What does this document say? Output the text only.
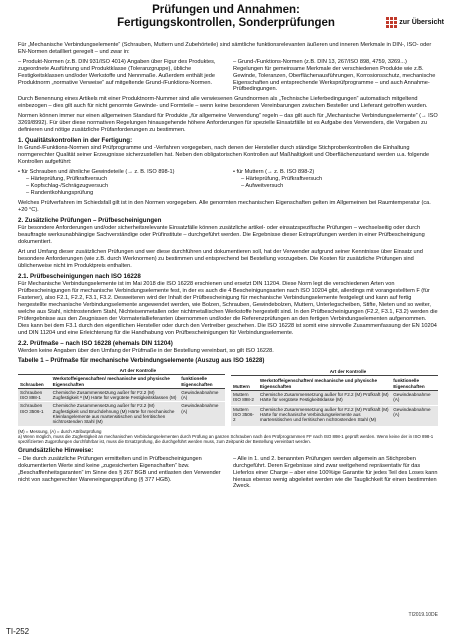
Prüfungen und Annahmen:
Fertigungskontrollen, Sonderprüfungen	zur Übersicht

Für „Mechanische Verbindungselemente“ (Schrauben, Muttern und Zubehörteile) sind sämtliche funktionsrelevanten äußeren und inneren Merkmale in DIN-, ISO- oder EN-Normen detailliert geregelt – und zwar in:

– Produkt-Normen (z.B. DIN 931/ISO 4014) Angaben über Figur des Produktes, zugeordnete Ausführung und Produktklasse (Toleranzgruppe), übliche Festigkeitsklassen und/oder Werkstoffe und Nennmaße. Außerdem enthält jede Produktnorm „normative Verweise“ auf mitgeltende Grund-/Funktions-Normen.
– Grund-/Funktions-Normen (z.B. DIN 13, 267/ISO 898, 4759, 3269...) Regelungen für gemeinsame Merkmale der verschiedenen Produkte wie z.B. Gewinde, Toleranzen, Oberflächenausführungen, Korrosionsschutz, mechanische Eigenschaften und entsprechende Werksprüfprogramme – und auch Annahme-Prüfbedingungen.

Durch Benennung eines Artikels mit einer Produktnorm-Nummer sind alle verwiesenen Grundnormen als „Technische Lieferbedingungen“ automatisch mitgeltend einbezogen – dies gilt auch für nicht genormte Gewinde- und Formteile – wenn keine besonderen Vereinbarungen zwischen Besteller und Lieferant getroffen wurden.

Normen können immer nur einen allgemeinen Standard für Produkte „für allgemeine Verwendung“ regeln – das gilt auch für „Mechanische Verbindungselemente“ (→ ISO 3269/8992). Für über diese normativen Regelungen hinausgehende höhere Anforderungen für spezielle Einsatzfälle ist es Aufgabe des Verwenders, die Vorgaben zu definieren und nötige zusätzliche Prüfanforderungen zu bestimmen.

1. Qualitätskontrollen in der Fertigung:

In Grund-/Funktions-Normen sind Prüfprogramme und -Verfahren vorgegeben, nach denen der Hersteller durch ständige Stichprobenkontrollen die Einhaltung normgerechter Qualität seiner Erzeugnisse sicherzustellen hat. Neben den obligatorischen Kontrollen auf Maßhaltigkeit und Oberflächenzustand werden u.a. folgende Kontrollen aufgeführt:

• für Schrauben und ähnliche Gewindeteile (→ z. B. ISO 898-1)
– Härteprüfung, Prüfkraftversuch
– Kopfschlag-/Schrägzugversuch
– Randentkohlungsprüfung
• für Muttern (→ z. B. ISO 898-2)
– Härteprüfung, Prüfkraftversuch
– Aufweitversuch

Welches Prüfverfahren im Schiedsfall gilt ist in den Normen vorgegeben. Alle genormten mechanischen Eigenschaften gelten im Allgemeinen bei Raumtemperatur (ca. +20 °C).

2. Zusätzliche Prüfungen – Prüfbescheinigungen

Für besondere Anforderungen und/oder sicherheitsrelevante Einsatzfälle können zusätzliche artikel- oder einsatzspezifische Prüfungen – wechselseitig oder durch beauftragte werksunabhängige Sachverständige oder Prüfinstitute – durchgeführt werden. Die Ergebnisse dieser Extraprüfungen werden in einer Prüfbescheinigung dokumentiert.

Art und Umfang dieser zusätzlichen Prüfungen und wer diese durchführen und dokumentieren soll, hat der Verwender aufgrund seiner Kenntnisse über Einsatz und besondere Anforderungen (wie z.B. durch Werknormen) zu bestimmen und entsprechend bei Bestellung vorzugeben. Die Kosten für zusätzliche Prüfungen sind üblicherweise nicht im Produktpreis enthalten.

2.1. Prüfbescheinigungen nach ISO 16228

Für Mechanische Verbindungselemente ist im Mai 2018 die ISO 16228 erschienen und ersetzt DIN 11204. Diese Norm legt die verschiedenen Arten von Prüfbescheinigungen für mechanische Verbindungselemente fest, in der es auch die 4 Bescheinigungsarten nach ISO 10204 gibt, allerdings mit vorangestelltem F (für Fastener), also F2.1, F2.2, F3.1, F3.2. Desweiteren wird der Inhalt der Prüfbescheinigung für mechanische Verbindungselemente festgelegt und kann auf fertig hergestellte mechanische Verbindungselemente angewendet werden, wie Bolzen, Schrauben, Gewindebolzen, Muttern, Unterlegscheiben, Stifte, Nieten und so weiter, welche aus Stahl, nichtrostendem Stahl, Nichteisenmetallen oder nichtmetallischen Werkstoffe hergestellt sind. In den Prüfbescheinigungen (F2.2, F3.1, F3.2) werden die Prüfergebnisse aus den Zeugnissen der Vormateriallieferanten übernommen und/oder die Referenzprüfungen an den fertigen Verbindungselementen aufgenommen. Dies kann bei dem F3.1 durch den eigentlichen Hersteller oder durch den Vertreiber geschehen. Die ISO 16228 ist somit eine sinnvolle Zusammenfassung der EN 10204 und DIN 11204 und eine Erleichterung für die Handhabung von Prüfbescheinigungen für Verbindungselemente.

2.2. Prüfmaße – nach ISO 16228 (ehemals DIN 11204)

Werden keine Angaben über den Umfang der Prüfmaße in der Bestellung vereinbart, so gilt ISO 16228.

Tabelle 1 – Prüfmaße für mechanische Verbindungselemente (Auszug aus ISO 16228)
	Art der Kontrolle	
Schrauben	Werkstoffeigenschaften/ mechanische und physische Eigenschaften	funktionelle Eigenschaften
Schrauben ISO 898-1	Chemische Zusammensetzung außer für F2.2 (M) Zugfestigkeit ᵃ (M) Härte für vergütete Festigkeitsklassen (M)	Gewindeabnahme (A)
Schrauben ISO 3506-1	Chemische Zusammensetzung außer für F2.2 (M) Zugfestigkeit und Bruchdehnung (M) Härte für mechanische Kleinlangelemente aus martensitischen und ferritischen nichtrostenden Stahl (M)	Gewindeabnahme (A)
	Art der Kontrolle	
Muttern	Werkstoffeigenschaften/ mechanische und physische Eigenschaften	funktionelle Eigenschaften
Muttern ISO 898-2	Chemische Zusammensetzung außer für F2.2 (M) Prüfkraft (M) Härte für vergütete Festigkeitsklasse (M)	Gewindeabnahme (A)
Muttern ISO 3506-2	Chemische Zusammensetzung außer für F2.2 (M) Prüfkraft (M) Härte für mechanische Verbindungselemente aus martensitischen und ferritischen nichtrostenden Stahl (M)	Gewindeabnahme (A)
(M) = Messung, (A) = durch Attributprüfung
a) Wenn möglich, muss die Zugfestigkeit an mechanischen Verbindungselementen durch Prüfung an ganzen Schrauben nach den Prüfprogrammen FF nach ISO 898-1 geprüft werden. Wenn keine der in ISO 898-1 spezifizierten Zugprüfungen durchführbar ist, muss die Ersatzprüfung, die durchgeführt werden muss, zum Zeitpunkt der Bestellung vereinbart werden.
Grundsätzliche Hinweise:
– Die durch zusätzliche Prüfungen ermittelten und in Prüfbescheinigungen dokumentierten Werte sind keine „zugesicherten Eigenschaften“ bzw. „Beschaffenheitsgaranten“ im Sinne des § 267 BGB und entlasten den Verwender nicht von sachgerechter Wareneingangsprüfung (§ 377 HGB).
– Alle in 1. und 2. benannten Prüfungen werden allgemein an Stichproben durchgeführt. Deren Ergebnisse sind zwar weitgehend repräsentativ für das Lieferlos einer Charge – aber eine 100%ige Garantie für jedes Teil des Loses kann hieraus ebenso wenig abgeleitet werden wie die Tauglichkeit für einen bestimmten Zweck.
TI2019.10DE
TI-252
